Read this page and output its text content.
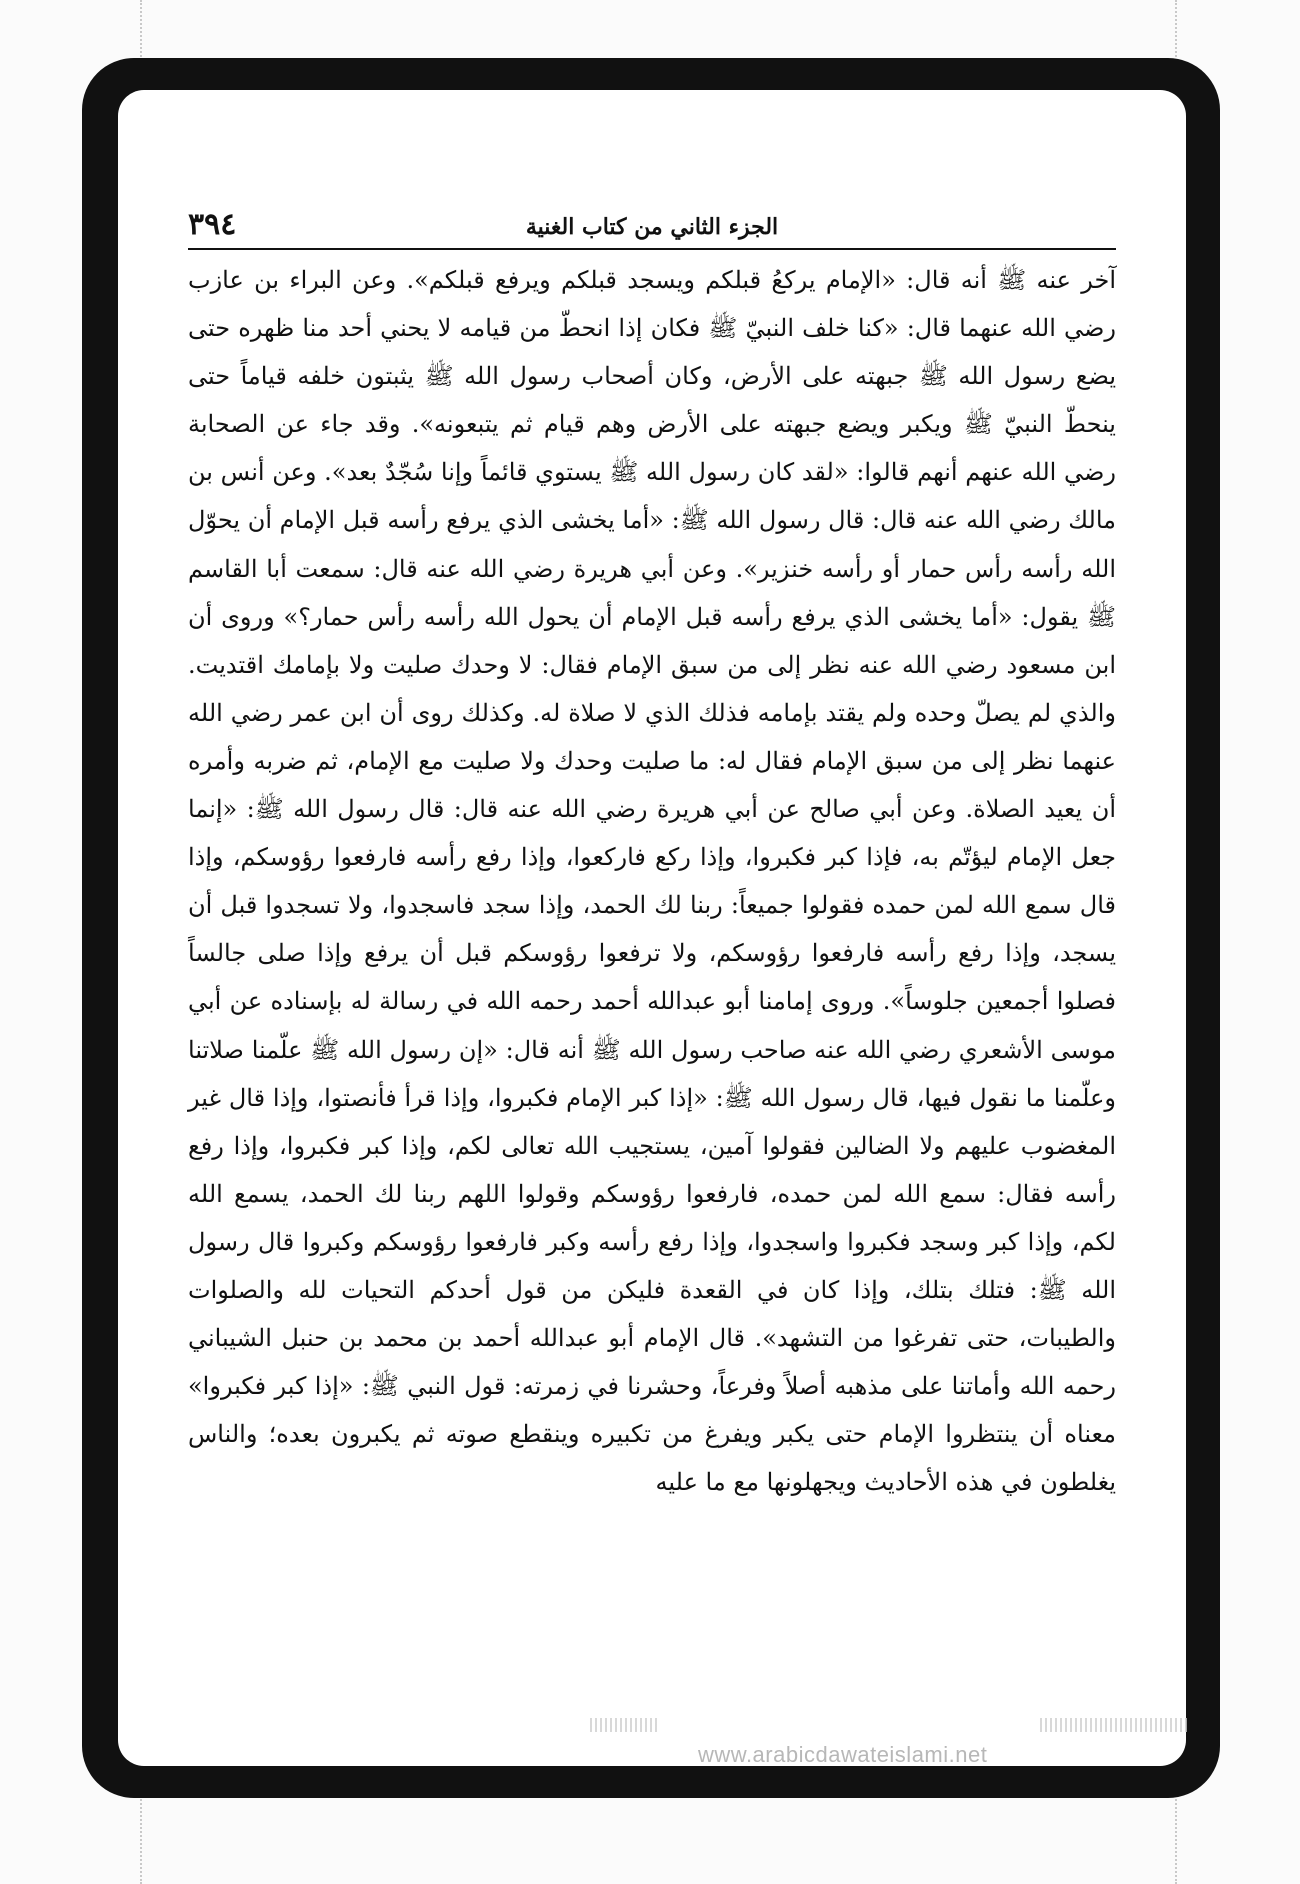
٣٩٤	الجزء الثاني من كتاب الغنية

آخر عنه ﷺ أنه قال: «الإمام يركعُ قبلكم ويسجد قبلكم ويرفع قبلكم». وعن البراء بن عازب رضي الله عنهما قال: «كنا خلف النبيّ ﷺ فكان إذا انحطّ من قيامه لا يحني أحد منا ظهره حتى يضع رسول الله ﷺ جبهته على الأرض، وكان أصحاب رسول الله ﷺ يثبتون خلفه قياماً حتى ينحطّ النبيّ ﷺ ويكبر ويضع جبهته على الأرض وهم قيام ثم يتبعونه». وقد جاء عن الصحابة رضي الله عنهم أنهم قالوا: «لقد كان رسول الله ﷺ يستوي قائماً وإنا سُجّدٌ بعد». وعن أنس بن مالك رضي الله عنه قال: قال رسول الله ﷺ: «أما يخشى الذي يرفع رأسه قبل الإمام أن يحوّل الله رأسه رأس حمار أو رأسه خنزير». وعن أبي هريرة رضي الله عنه قال: سمعت أبا القاسم ﷺ يقول: «أما يخشى الذي يرفع رأسه قبل الإمام أن يحول الله رأسه رأس حمار؟» وروى أن ابن مسعود رضي الله عنه نظر إلى من سبق الإمام فقال: لا وحدك صليت ولا بإمامك اقتديت. والذي لم يصلّ وحده ولم يقتد بإمامه فذلك الذي لا صلاة له. وكذلك روى أن ابن عمر رضي الله عنهما نظر إلى من سبق الإمام فقال له: ما صليت وحدك ولا صليت مع الإمام، ثم ضربه وأمره أن يعيد الصلاة. وعن أبي صالح عن أبي هريرة رضي الله عنه قال: قال رسول الله ﷺ: «إنما جعل الإمام ليؤتّم به، فإذا كبر فكبروا، وإذا ركع فاركعوا، وإذا رفع رأسه فارفعوا رؤوسكم، وإذا قال سمع الله لمن حمده فقولوا جميعاً: ربنا لك الحمد، وإذا سجد فاسجدوا، ولا تسجدوا قبل أن يسجد، وإذا رفع رأسه فارفعوا رؤوسكم، ولا ترفعوا رؤوسكم قبل أن يرفع وإذا صلى جالساً فصلوا أجمعين جلوساً». وروى إمامنا أبو عبدالله أحمد رحمه الله في رسالة له بإسناده عن أبي موسى الأشعري رضي الله عنه صاحب رسول الله ﷺ أنه قال: «إن رسول الله ﷺ علّمنا صلاتنا وعلّمنا ما نقول فيها، قال رسول الله ﷺ: «إذا كبر الإمام فكبروا، وإذا قرأ فأنصتوا، وإذا قال غير المغضوب عليهم ولا الضالين فقولوا آمين، يستجيب الله تعالى لكم، وإذا كبر فكبروا، وإذا رفع رأسه فقال: سمع الله لمن حمده، فارفعوا رؤوسكم وقولوا اللهم ربنا لك الحمد، يسمع الله لكم، وإذا كبر وسجد فكبروا واسجدوا، وإذا رفع رأسه وكبر فارفعوا رؤوسكم وكبروا قال رسول الله ﷺ: فتلك بتلك، وإذا كان في القعدة فليكن من قول أحدكم التحيات لله والصلوات والطيبات، حتى تفرغوا من التشهد». قال الإمام أبو عبدالله أحمد بن محمد بن حنبل الشيباني رحمه الله وأماتنا على مذهبه أصلاً وفرعاً، وحشرنا في زمرته: قول النبي ﷺ: «إذا كبر فكبروا» معناه أن ينتظروا الإمام حتى يكبر ويفرغ من تكبيره وينقطع صوته ثم يكبرون بعده؛ والناس يغلطون في هذه الأحاديث ويجهلونها مع ما عليه

www.arabicdawateislami.net
